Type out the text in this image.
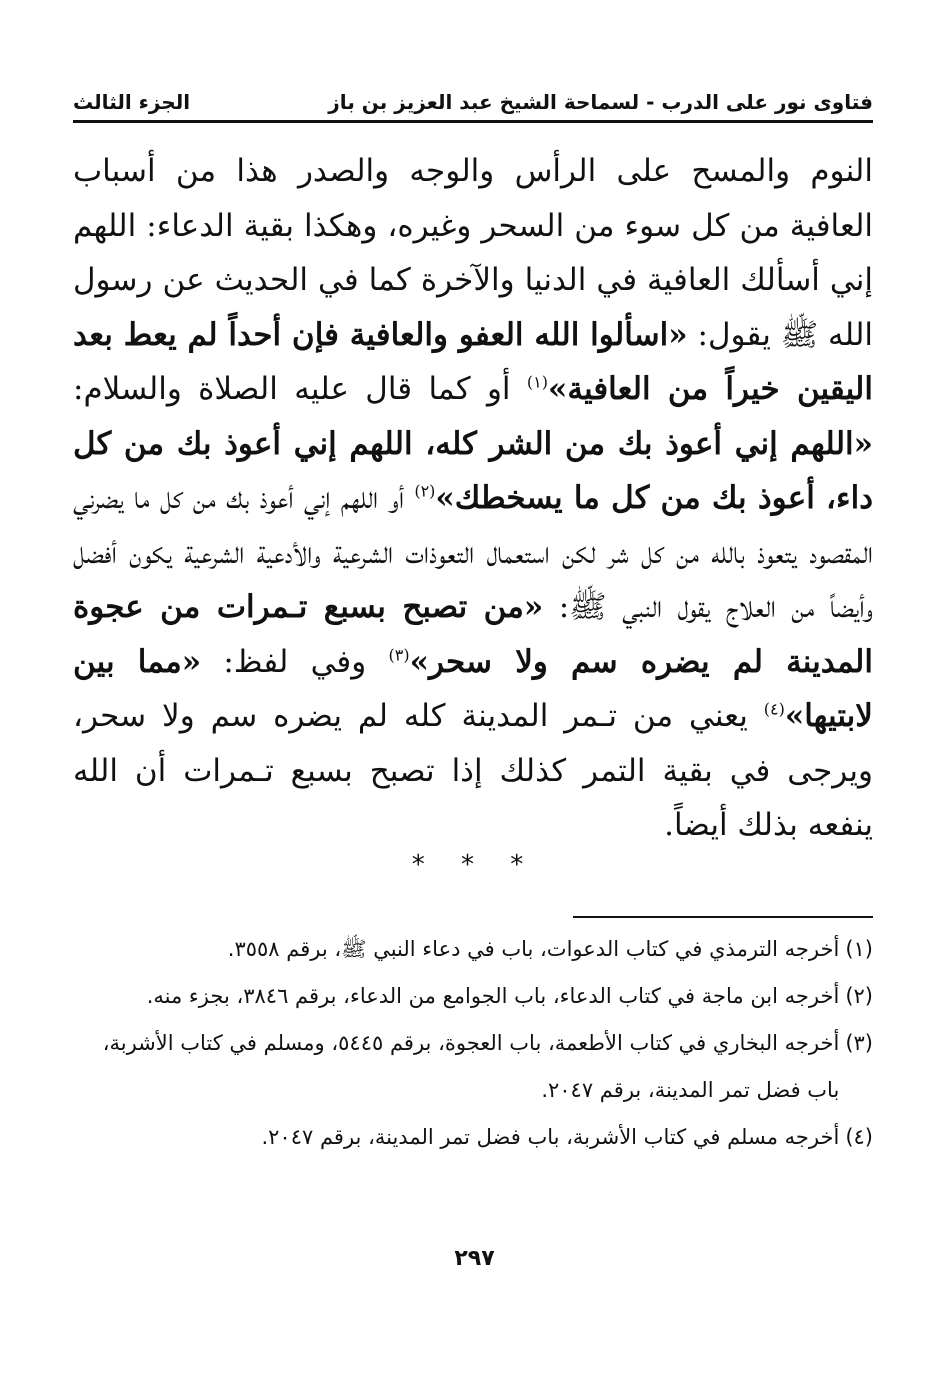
فتاوى نور على الدرب - لسماحة الشيخ عبد العزيز بن باز
الجزء الثالث

النوم والمسح على الرأس والوجه والصدر هذا من أسباب العافية من كل سوء من السحر وغيره، وهكذا بقية الدعاء: اللهم إني أسألك العافية في الدنيا والآخرة كما في الحديث عن رسول الله ﷺ يقول: «اسألوا الله العفو والعافية فإن أحداً لم يعط بعد اليقين خيراً من العافية»$^{(١)}$ أو كما قال عليه الصلاة والسلام: «اللهم إني أعوذ بك من الشر كله، اللهم إني أعوذ بك من كل داء، أعوذ بك من كل ما يسخطك»$^{(٢)}$ أو اللهم إني أعوذ بك من كل ما يضرني المقصود يتعوذ بالله من كل شر لكن استعمال التعوذات الشرعية والأدعية الشرعية يكون أفضل وأيضاً من العلاج يقول النبي ﷺ: «من تصبح بسبع تـمرات من عجوة المدينة لم يضره سم ولا سحر»$^{(٣)}$ وفي لفظ: «مما بين لابتيها»$^{(٤)}$ يعني من تـمر المدينة كله لم يضره سم ولا سحر، ويرجى في بقية التمر كذلك إذا تصبح بسبع تـمرات أن الله ينفعه بذلك أيضاً.

* * *
(١)
أخرجه الترمذي في كتاب الدعوات، باب في دعاء النبي ﷺ، برقم ٣٥٥٨.
(٢)
أخرجه ابن ماجة في كتاب الدعاء، باب الجوامع من الدعاء، برقم ٣٨٤٦، بجزء منه.
(٣)
أخرجه البخاري في كتاب الأطعمة، باب العجوة، برقم ٥٤٤٥، ومسلم في كتاب الأشربة، باب فضل تمر المدينة، برقم ٢٠٤٧.
(٤)
أخرجه مسلم في كتاب الأشربة، باب فضل تمر المدينة، برقم ٢٠٤٧.
٢٩٧
